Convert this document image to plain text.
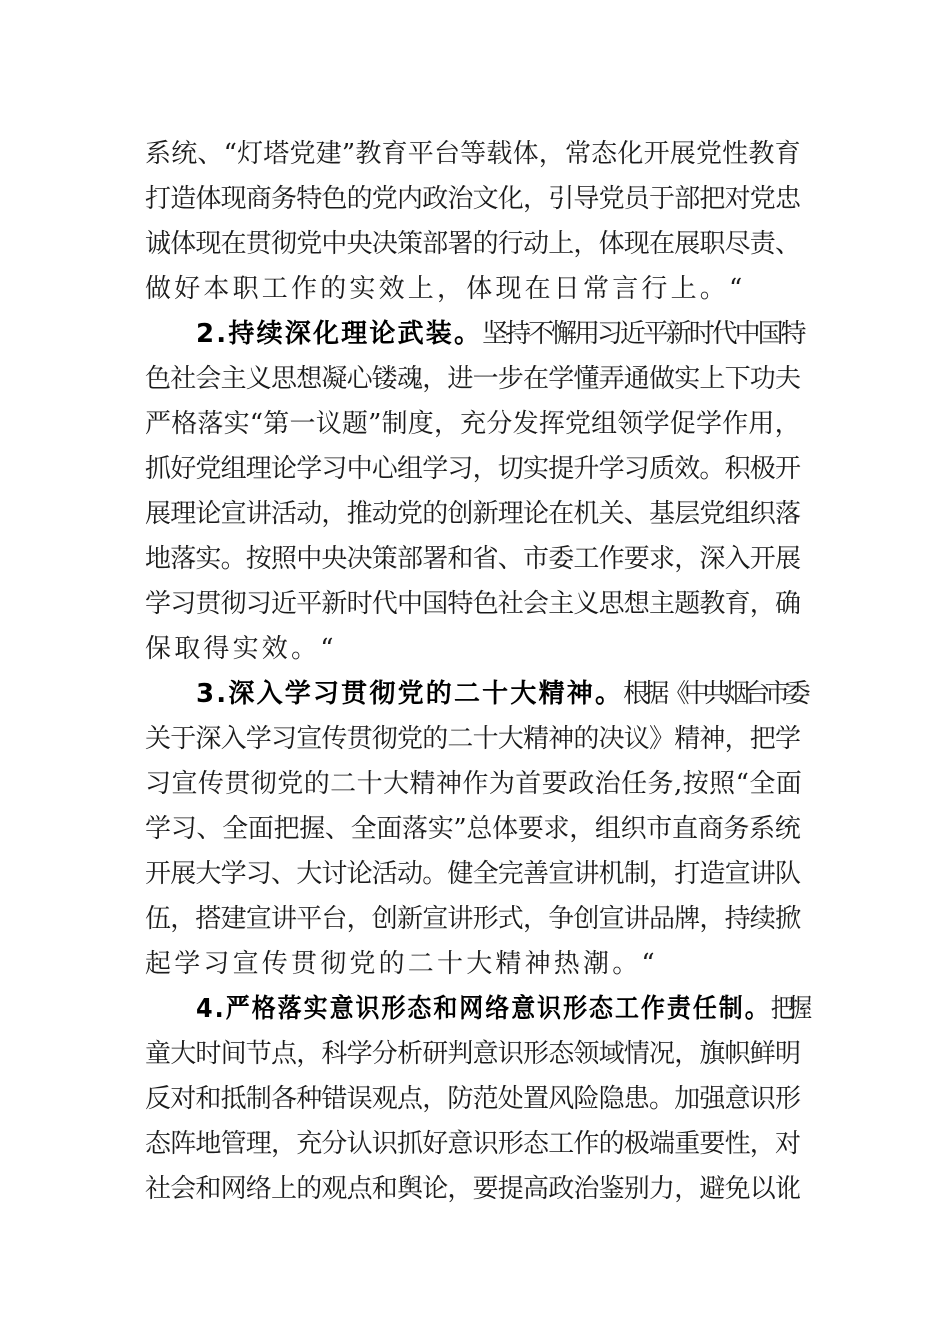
系统、“灯塔党建”教育平台等载体，常态化开展党性教育
打造体现商务特色的党内政治文化，引导党员于部把对党忠
诚体现在贯彻党中央决策部署的行动上，体现在展职尽责、
做好本职工作的实效上，体现在日常言行上。“
2.持续深化理论武装。坚持不懈用习近平新时代中国特
色社会主义思想凝心镂魂，进一步在学懂弄通做实上下功夫
严格落实“第一议题”制度，充分发挥党组领学促学作用，
抓好党组理论学习中心组学习，切实提升学习质效。积极开
展理论宣讲活动，推动党的创新理论在机关、基层党组织落
地落实。按照中央决策部署和省、市委工作要求，深入开展
学习贯彻习近平新时代中国特色社会主义思想主题教育，确
保取得实效。“
3.深入学习贯彻党的二十大精神。根据《中共烟台市委
关于深入学习宣传贯彻党的二十大精神的决议》精神，把学
习宣传贯彻党的二十大精神作为首要政治任务,按照“全面
学习、全面把握、全面落实”总体要求，组织市直商务系统
开展大学习、大讨论活动。健全完善宣讲机制，打造宣讲队
伍，搭建宣讲平台，创新宣讲形式，争创宣讲品牌，持续掀
起学习宣传贯彻党的二十大精神热潮。“
4.严格落实意识形态和网络意识形态工作责任制。把握
童大时间节点，科学分析研判意识形态领域情况，旗帜鲜明
反对和抵制各种错误观点，防范处置风险隐患。加强意识形
态阵地管理，充分认识抓好意识形态工作的极端重要性，对
社会和网络上的观点和舆论，要提高政治鉴别力，避免以讹
